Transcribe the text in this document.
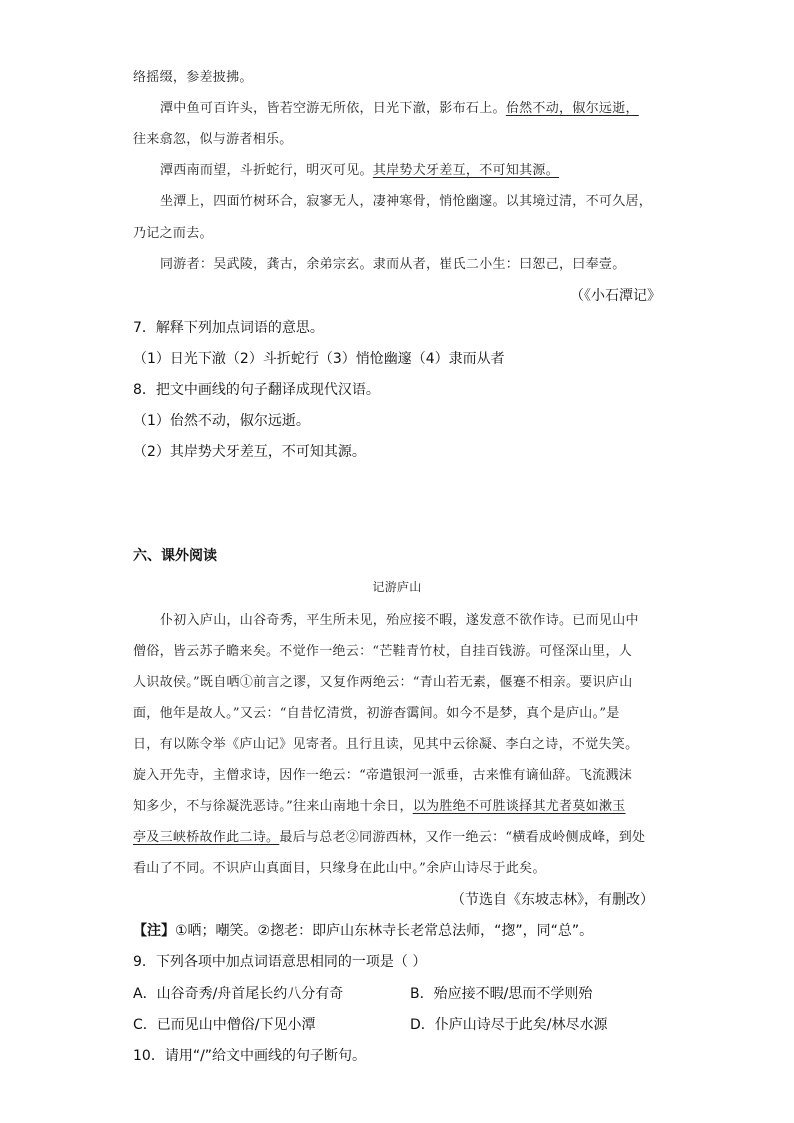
络摇缀，参差披拂。
潭中鱼可百许头，皆若空游无所依，日光下澈，影布石上。佁然不动，俶尔远逝，
往来翕忽，似与游者相乐。
潭西南而望，斗折蛇行，明灭可见。其岸势犬牙差互，不可知其源。
坐潭上，四面竹树环合，寂寥无人，凄神寒骨，悄怆幽邃。以其境过清，不可久居，
乃记之而去。
同游者：吴武陵，龚古，余弟宗玄。隶而从者，崔氏二小生：曰恕己，曰奉壹。
（《小石潭记》
7．解释下列加点词语的意思。
（1）日光下澈（2）斗折蛇行（3）悄怆幽邃（4）隶而从者
8．把文中画线的句子翻译成现代汉语。
（1）佁然不动，俶尔远逝。
（2）其岸势犬牙差互，不可知其源。
六、课外阅读
记游庐山
仆初入庐山，山谷奇秀，平生所未见，殆应接不暇，遂发意不欲作诗。已而见山中
僧俗，皆云苏子瞻来矣。不觉作一绝云：“芒鞋青竹杖，自挂百钱游。可怪深山里，人
人识故侯。”既自哂①前言之谬，又复作两绝云：“青山若无素，偃蹇不相亲。要识庐山
面，他年是故人。”又云：“自昔忆清赏，初游杳霭间。如今不是梦，真个是庐山。”是
日，有以陈令举《庐山记》见寄者。且行且读，见其中云徐凝、李白之诗，不觉失笑。
旋入开先寺，主僧求诗，因作一绝云：“帝遣银河一派垂，古来惟有谪仙辞。飞流溅沫
知多少，不与徐凝洗恶诗。”往来山南地十余日，以为胜绝不可胜谈择其尤者莫如漱玉
亭及三峡桥故作此二诗。最后与总老②同游西林，又作一绝云：“横看成岭侧成峰，到处
看山了不同。不识庐山真面目，只缘身在此山中。”余庐山诗尽于此矣。
（节选自《东坡志林》，有删改）
【注】①哂；嘲笑。②揔老：即庐山东林寺长老常总法师，“揔”，同“总”。
9．下列各项中加点词语意思相同的一项是（ ）
A．山谷奇秀/舟首尾长约八分有奇	B．殆应接不暇/思而不学则殆
C．已而见山中僧俗/下见小潭	D．仆庐山诗尽于此矣/林尽水源
10．请用“/”给文中画线的句子断句。
